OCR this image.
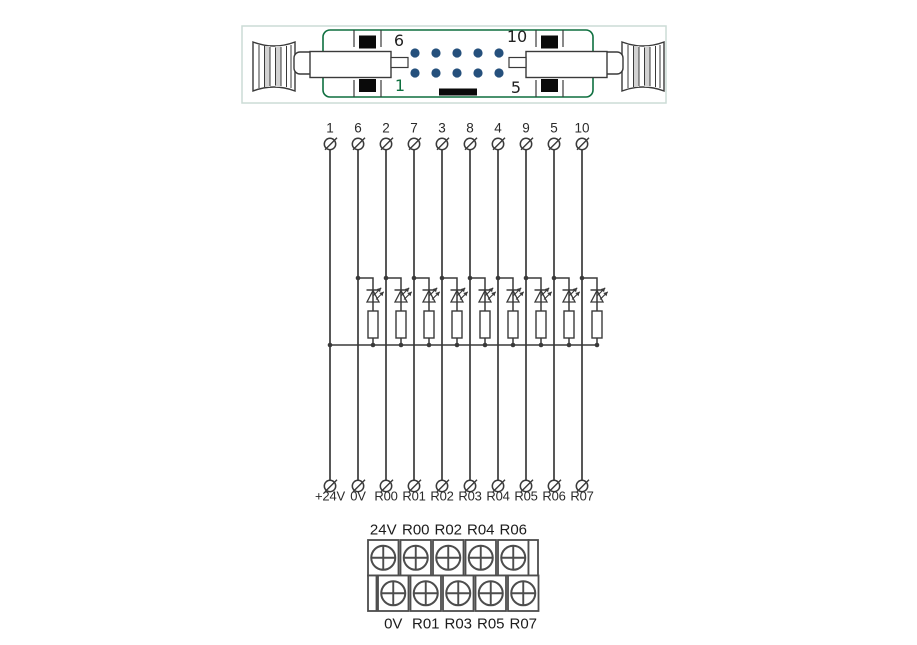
6	10
1	5
1
+24V
6
0V
2
R00
7
R01
3
R02
8
R03
4
R04
9
R05
5
R06
10
R07
24V R00 R02 R04 R06
0V R01 R03 R05 R07
